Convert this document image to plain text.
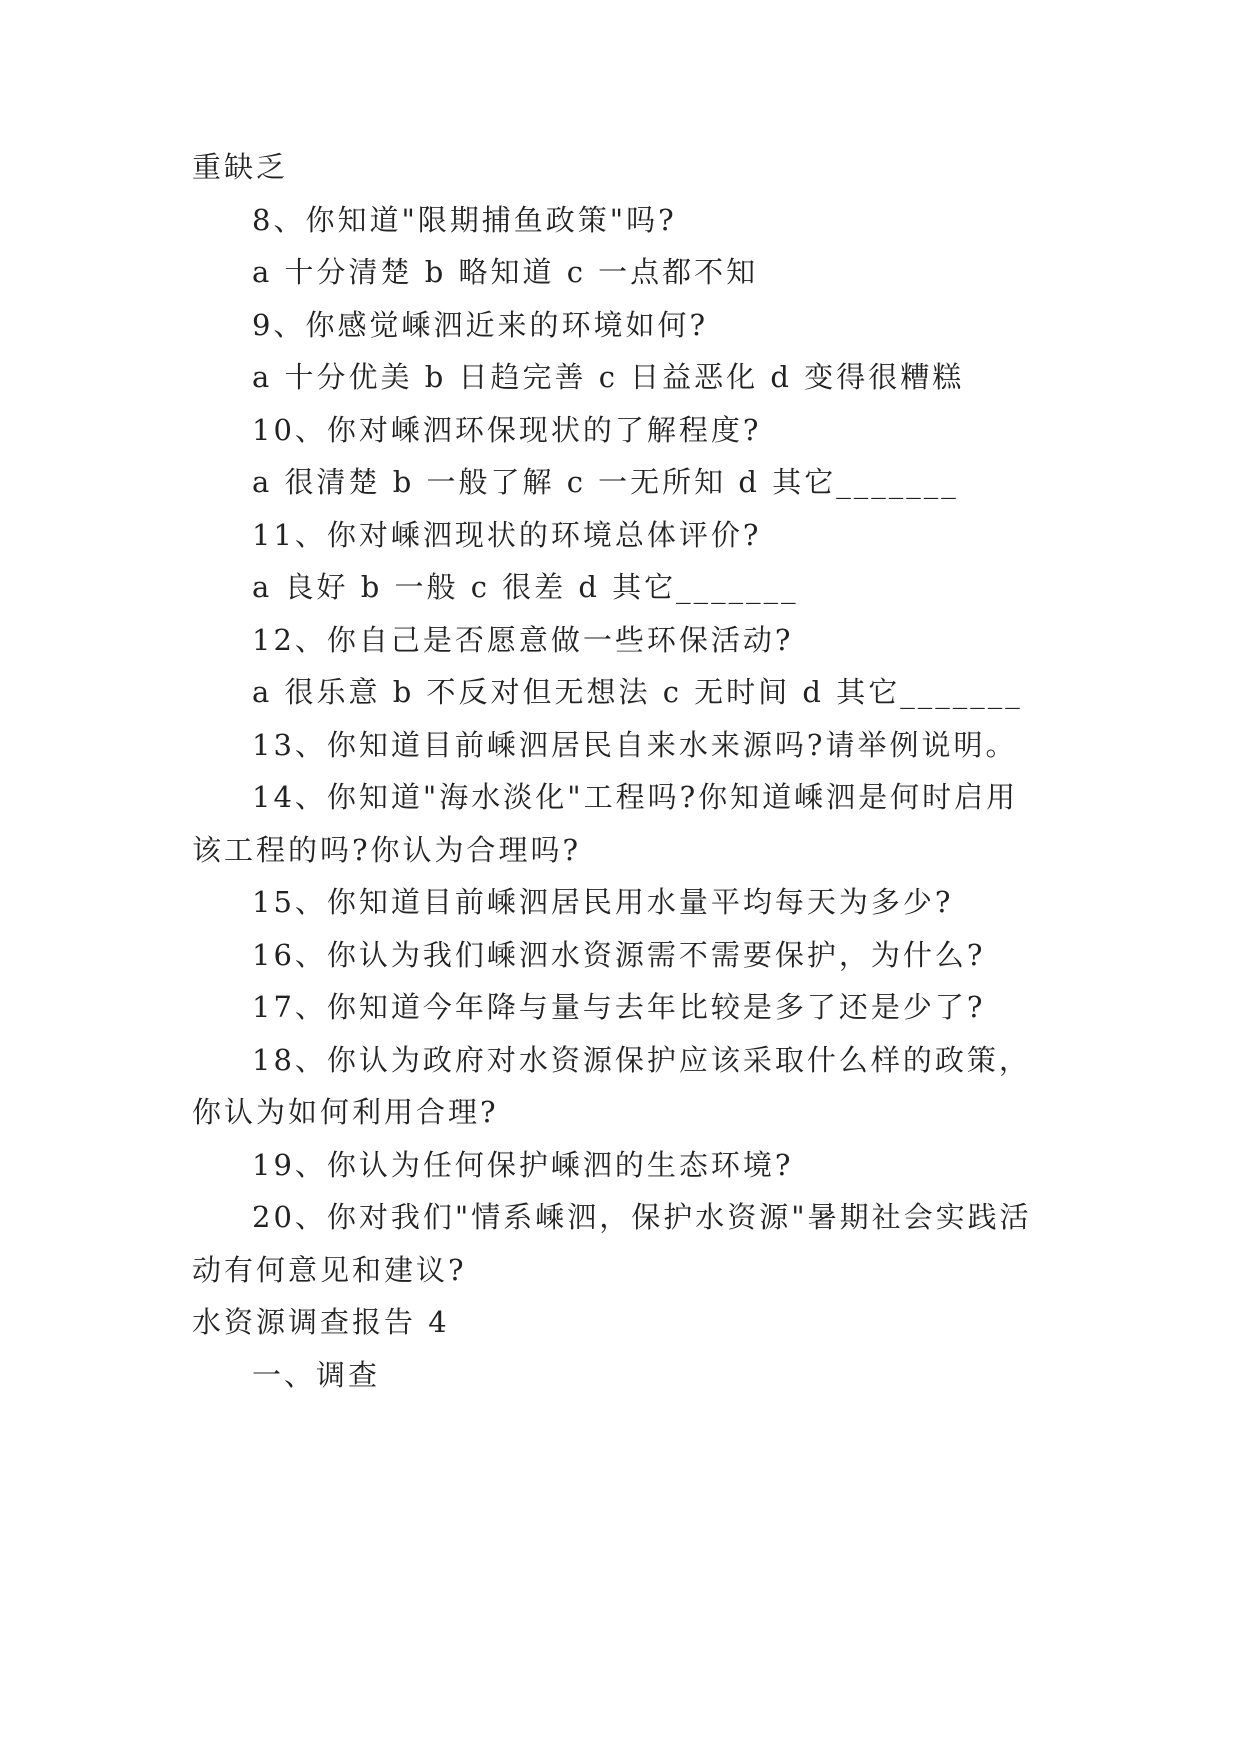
重缺乏
8、你知道"限期捕鱼政策"吗?
a 十分清楚 b 略知道 c 一点都不知
9、你感觉嵊泗近来的环境如何?
a 十分优美 b 日趋完善 c 日益恶化 d 变得很糟糕
10、你对嵊泗环保现状的了解程度?
a 很清楚 b 一般了解 c 一无所知 d 其它_______
11、你对嵊泗现状的环境总体评价?
a 良好 b 一般 c 很差 d 其它_______
12、你自己是否愿意做一些环保活动?
a 很乐意 b 不反对但无想法 c 无时间 d 其它_______
13、你知道目前嵊泗居民自来水来源吗?请举例说明。
14、你知道"海水淡化"工程吗?你知道嵊泗是何时启用
该工程的吗?你认为合理吗?
15、你知道目前嵊泗居民用水量平均每天为多少?
16、你认为我们嵊泗水资源需不需要保护，为什么?
17、你知道今年降与量与去年比较是多了还是少了?
18、你认为政府对水资源保护应该采取什么样的政策，
你认为如何利用合理?
19、你认为任何保护嵊泗的生态环境?
20、你对我们"情系嵊泗，保护水资源"暑期社会实践活
动有何意见和建议?
水资源调查报告 4
一、调查
